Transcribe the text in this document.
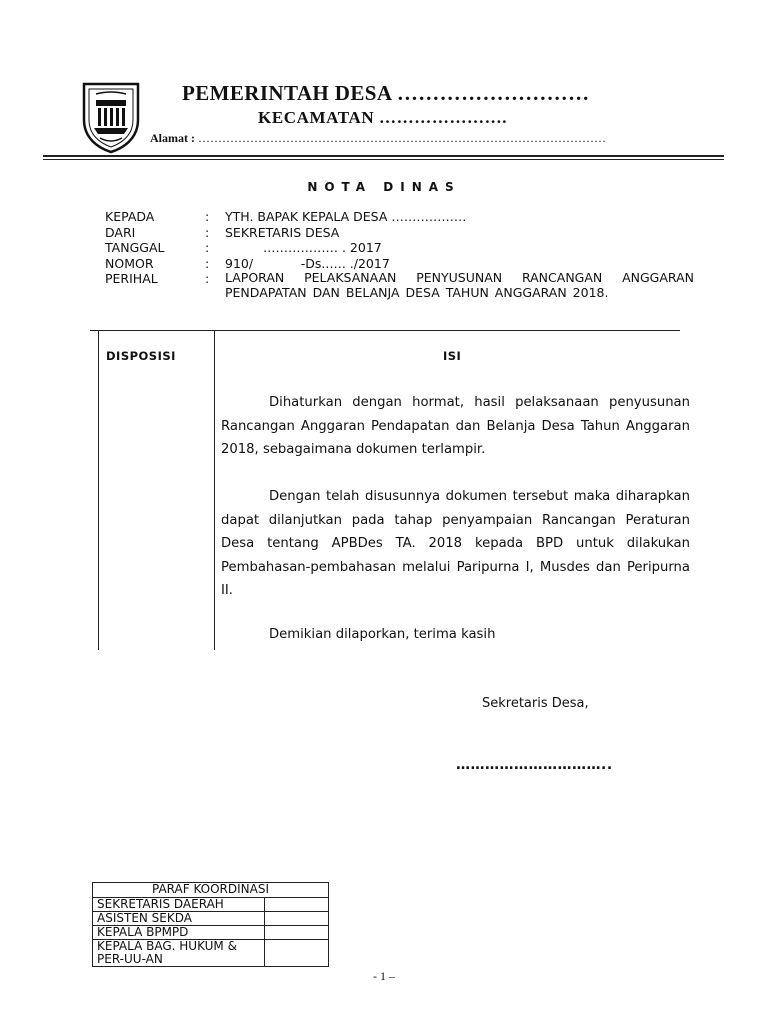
PEMERINTAH DESA ………………………
KECAMATAN ………………….
Alamat : …………………………………………………………………………………………
NOTA DINAS
KEPADA	: YTH. BAPAK KEPALA DESA ………………
DARI	: SEKRETARIS DESA
TANGGAL	:	……………… . 2017
NOMOR	: 910/            -Ds..…. ./2017
PERIHAL	: LAPORAN PELAKSANAAN PENYUSUNAN RANCANGAN ANGGARAN PENDAPATAN DAN BELANJA DESA TAHUN ANGGARAN 2018.
DISPOSISI	ISI

Dihaturkan dengan hormat, hasil pelaksanaan penyusunan Rancangan Anggaran Pendapatan dan Belanja Desa Tahun Anggaran 2018, sebagaimana dokumen terlampir.

Dengan telah disusunnya dokumen tersebut maka diharapkan dapat dilanjutkan pada tahap penyampaian Rancangan Peraturan Desa tentang APBDes TA. 2018 kepada BPD untuk dilakukan Pembahasan-pembahasan melalui Paripurna I, Musdes dan Peripurna II.

Demikian dilaporkan, terima kasih

Sekretaris Desa,
…………………………..
PARAF KOORDINASI	
SEKRETARIS DAERAH	
ASISTEN SEKDA	
KEPALA BPMPD	
KEPALA BAG. HUKUM & PER-UU-AN	
- 1 –
